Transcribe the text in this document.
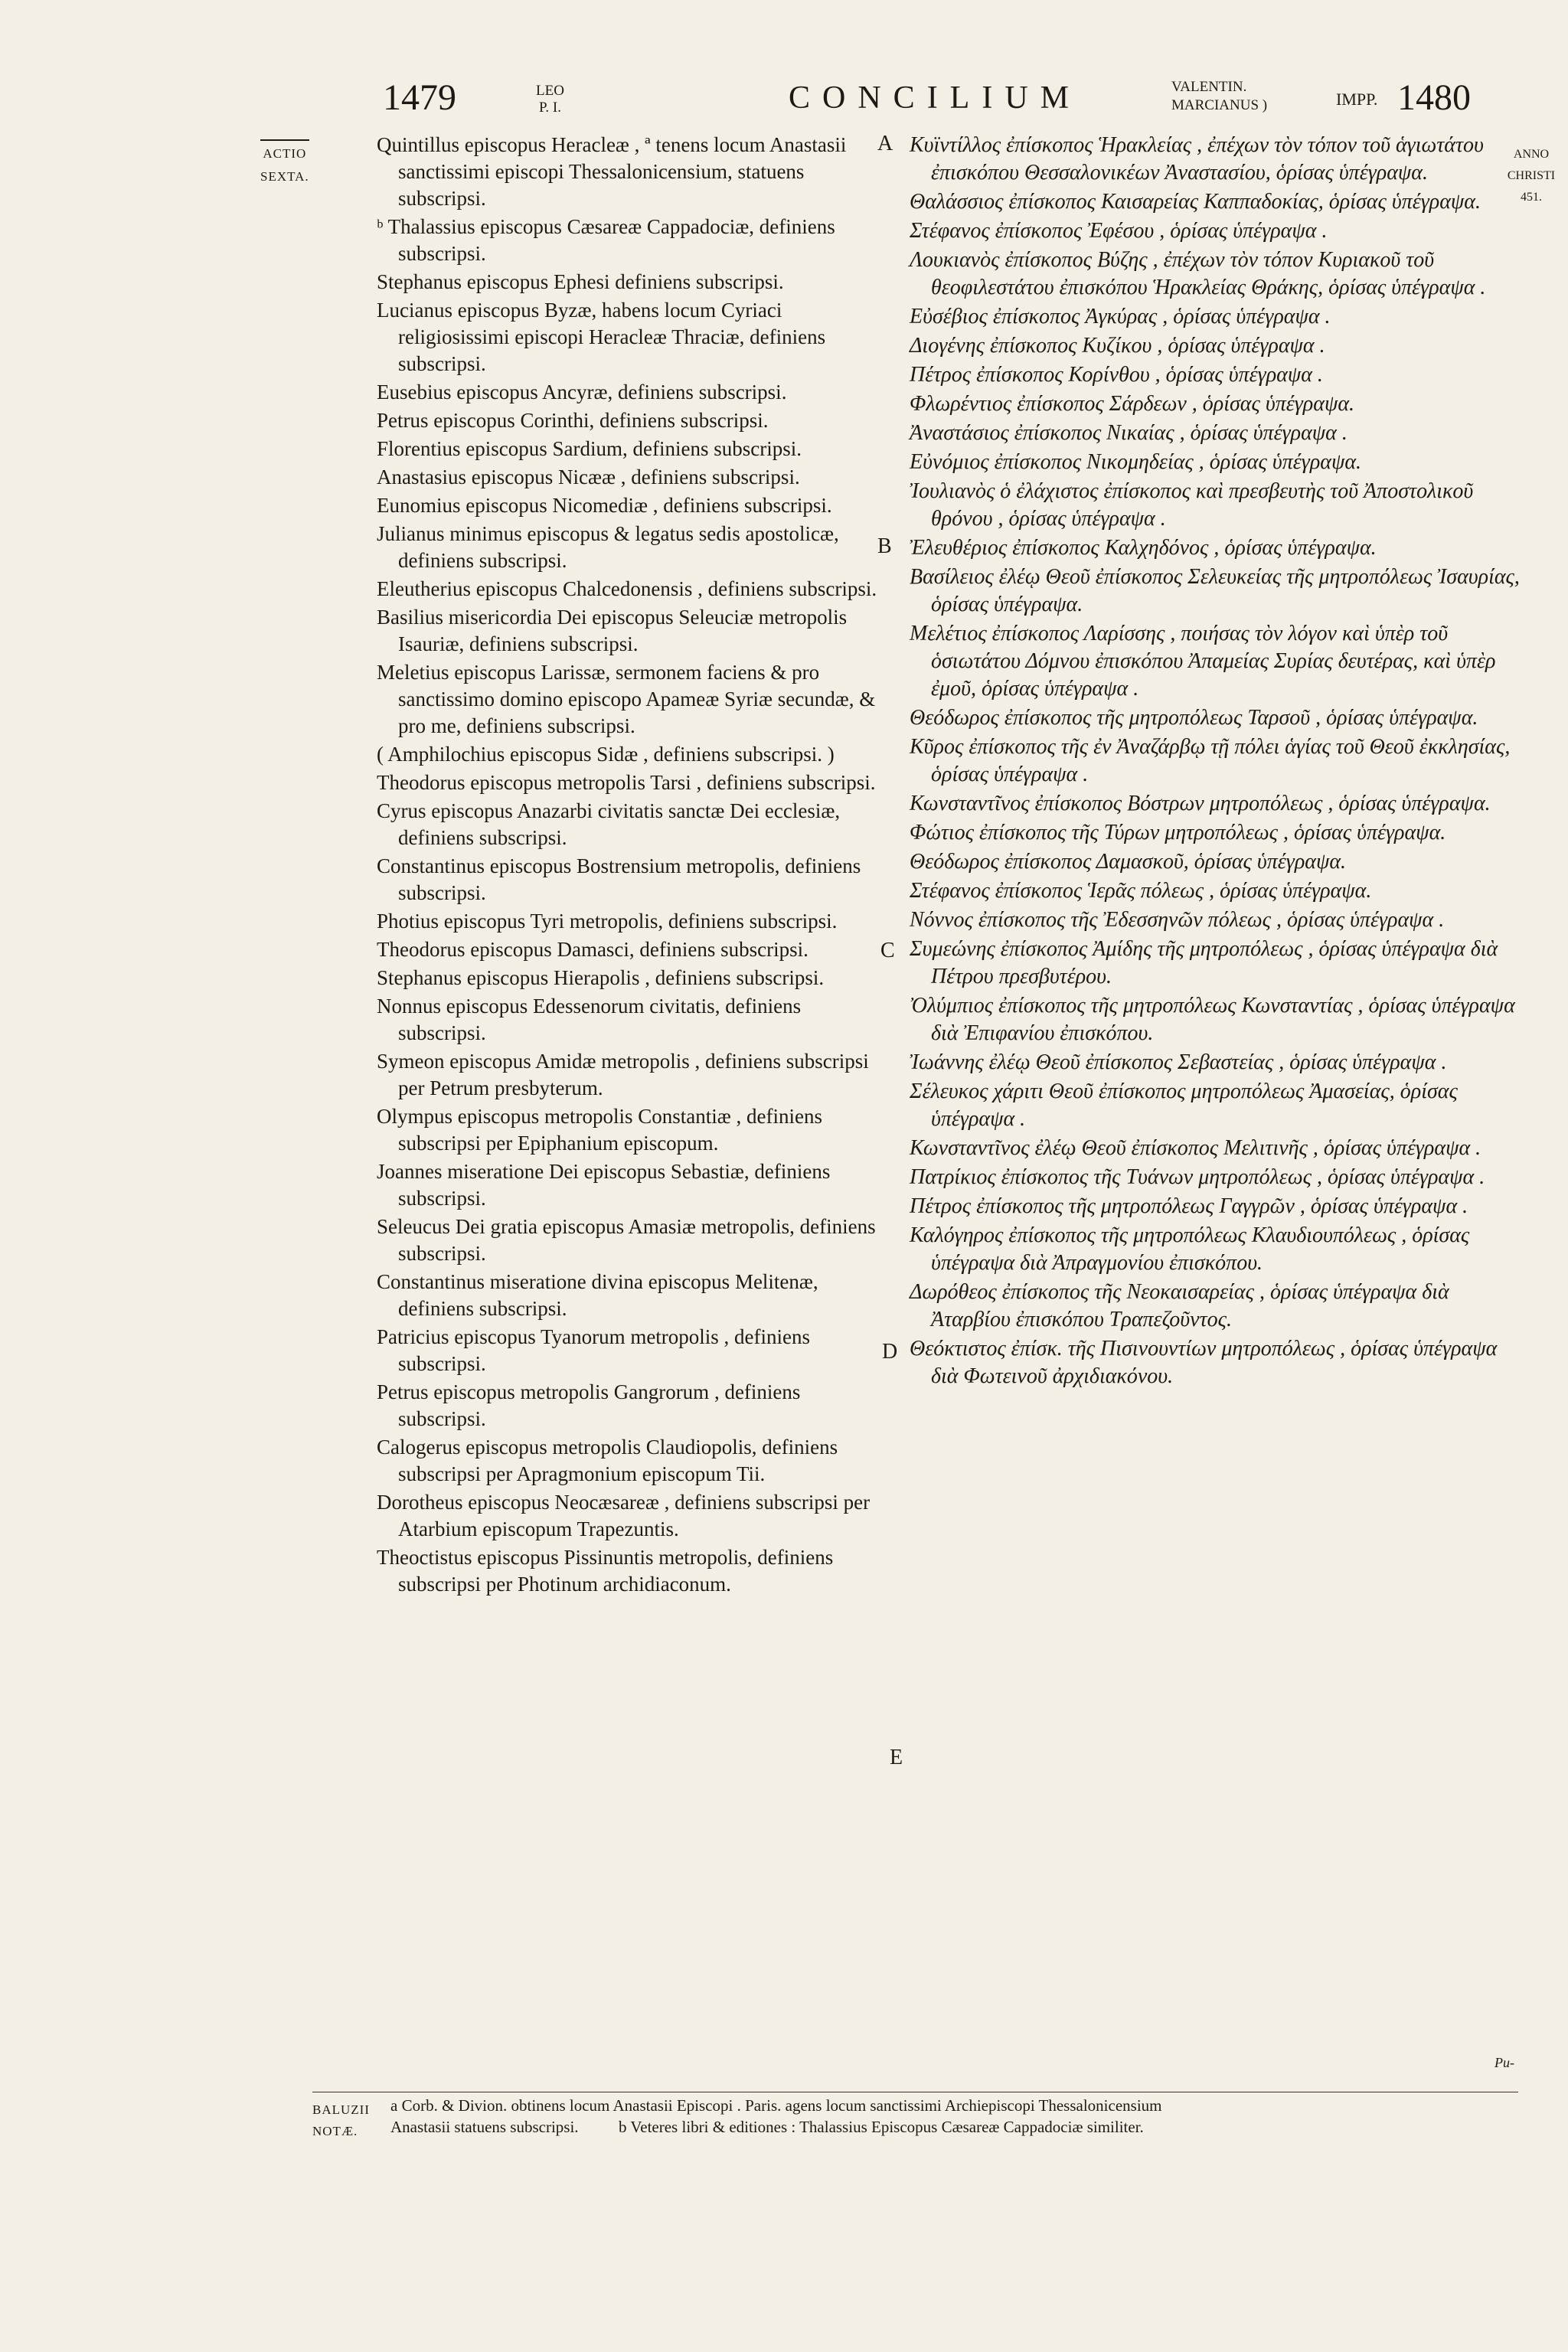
1479	LEO
P. I.	CONCILIUM	VALENTIN.
MARCIANUS )	IMPP. 1480
ANNO
CHRISTI
451.
ACTIO
SEXTA.
Quintillus episcopus Heracleæ , ª tenens locum Anastasii sanctissimi episcopi Thessalonicensium, statuens subscripsi.
ᵇ Thalassius episcopus Cæsareæ Cappadociæ, definiens subscripsi.
Stephanus episcopus Ephesi definiens subscripsi.
Lucianus episcopus Byzæ, habens locum Cyriaci religiosissimi episcopi Heracleæ Thraciæ, definiens subscripsi.
Eusebius episcopus Ancyræ, definiens subscripsi.
Petrus episcopus Corinthi, definiens subscripsi.
Florentius episcopus Sardium, definiens subscripsi.
Anastasius episcopus Nicææ , definiens subscripsi.
Eunomius episcopus Nicomediæ , definiens subscripsi.
Julianus minimus episcopus & legatus sedis apostolicæ, definiens subscripsi.
Eleutherius episcopus Chalcedonensis , definiens subscripsi.
Basilius misericordia Dei episcopus Seleuciæ metropolis Isauriæ, definiens subscripsi.
Meletius episcopus Larissæ, sermonem faciens & pro sanctissimo domino episcopo Apameæ Syriæ secundæ, & pro me, definiens subscripsi.
( Amphilochius episcopus Sidæ , definiens subscripsi. )
Theodorus episcopus metropolis Tarsi , definiens subscripsi.
Cyrus episcopus Anazarbi civitatis sanctæ Dei ecclesiæ, definiens subscripsi.
Constantinus episcopus Bostrensium metropolis, definiens subscripsi.
Photius episcopus Tyri metropolis, definiens subscripsi.
Theodorus episcopus Damasci, definiens subscripsi.
Stephanus episcopus Hierapolis , definiens subscripsi.
Nonnus episcopus Edessenorum civitatis, definiens subscripsi.
Symeon episcopus Amidæ metropolis , definiens subscripsi per Petrum presbyterum.
Olympus episcopus metropolis Constantiæ , definiens subscripsi per Epiphanium episcopum.
Joannes miseratione Dei episcopus Sebastiæ, definiens subscripsi.
Seleucus Dei gratia episcopus Amasiæ metropolis, definiens subscripsi.
Constantinus miseratione divina episcopus Melitenæ, definiens subscripsi.
Patricius episcopus Tyanorum metropolis , definiens subscripsi.
Petrus episcopus metropolis Gangrorum , definiens subscripsi.
Calogerus episcopus metropolis Claudiopolis, definiens subscripsi per Apragmonium episcopum Tii.
Dorotheus episcopus Neocæsareæ , definiens subscripsi per Atarbium episcopum Trapezuntis.
Theoctistus episcopus Pissinuntis metropolis, definiens subscripsi per Photinum archidiaconum.
A
B
C
D
E
Κυϊντίλλος ἐπίσκοπος Ἡρακλείας , ἐπέχων τὸν τόπον τοῦ ἁγιωτάτου ἐπισκόπου Θεσσαλονικέων Ἀναστασίου, ὁρίσας ὑπέγραψα.
Θαλάσσιος ἐπίσκοπος Καισαρείας Καππαδοκίας, ὁρίσας ὑπέγραψα.
Στέφανος ἐπίσκοπος Ἐφέσου , ὁρίσας ὑπέγραψα .
Λουκιανὸς ἐπίσκοπος Βύζης , ἐπέχων τὸν τόπον Κυριακοῦ τοῦ θεοφιλεστάτου ἐπισκόπου Ἡρακλείας Θράκης, ὁρίσας ὑπέγραψα .
Εὐσέβιος ἐπίσκοπος Ἀγκύρας , ὁρίσας ὑπέγραψα .
Διογένης ἐπίσκοπος Κυζίκου , ὁρίσας ὑπέγραψα .
Πέτρος ἐπίσκοπος Κορίνθου , ὁρίσας ὑπέγραψα .
Φλωρέντιος ἐπίσκοπος Σάρδεων , ὁρίσας ὑπέγραψα.
Ἀναστάσιος ἐπίσκοπος Νικαίας , ὁρίσας ὑπέγραψα .
Εὐνόμιος ἐπίσκοπος Νικομηδείας , ὁρίσας ὑπέγραψα.
Ἰουλιανὸς ὁ ἐλάχιστος ἐπίσκοπος καὶ πρεσβευτὴς τοῦ Ἀποστολικοῦ θρόνου , ὁρίσας ὑπέγραψα .
Ἐλευθέριος ἐπίσκοπος Καλχηδόνος , ὁρίσας ὑπέγραψα.
Βασίλειος ἐλέῳ Θεοῦ ἐπίσκοπος Σελευκείας τῆς μητροπόλεως Ἰσαυρίας, ὁρίσας ὑπέγραψα.
Μελέτιος ἐπίσκοπος Λαρίσσης , ποιήσας τὸν λόγον καὶ ὑπὲρ τοῦ ὁσιωτάτου Δόμνου ἐπισκόπου Ἀπαμείας Συρίας δευτέρας, καὶ ὑπὲρ ἐμοῦ, ὁρίσας ὑπέγραψα .
Θεόδωρος ἐπίσκοπος τῆς μητροπόλεως Ταρσοῦ , ὁρίσας ὑπέγραψα.
Κῦρος ἐπίσκοπος τῆς ἐν Ἀναζάρβῳ τῇ πόλει ἁγίας τοῦ Θεοῦ ἐκκλησίας, ὁρίσας ὑπέγραψα .
Κωνσταντῖνος ἐπίσκοπος Βόστρων μητροπόλεως , ὁρίσας ὑπέγραψα.
Φώτιος ἐπίσκοπος τῆς Τύρων μητροπόλεως , ὁρίσας ὑπέγραψα.
Θεόδωρος ἐπίσκοπος Δαμασκοῦ, ὁρίσας ὑπέγραψα.
Στέφανος ἐπίσκοπος Ἱερᾶς πόλεως , ὁρίσας ὑπέγραψα.
Νόννος ἐπίσκοπος τῆς Ἐδεσσηνῶν πόλεως , ὁρίσας ὑπέγραψα .
Συμεώνης ἐπίσκοπος Ἀμίδης τῆς μητροπόλεως , ὁρίσας ὑπέγραψα διὰ Πέτρου πρεσβυτέρου.
Ὀλύμπιος ἐπίσκοπος τῆς μητροπόλεως Κωνσταντίας , ὁρίσας ὑπέγραψα διὰ Ἐπιφανίου ἐπισκόπου.
Ἰωάννης ἐλέῳ Θεοῦ ἐπίσκοπος Σεβαστείας , ὁρίσας ὑπέγραψα .
Σέλευκος χάριτι Θεοῦ ἐπίσκοπος μητροπόλεως Ἀμασείας, ὁρίσας ὑπέγραψα .
Κωνσταντῖνος ἐλέῳ Θεοῦ ἐπίσκοπος Μελιτινῆς , ὁρίσας ὑπέγραψα .
Πατρίκιος ἐπίσκοπος τῆς Τυάνων μητροπόλεως , ὁρίσας ὑπέγραψα .
Πέτρος ἐπίσκοπος τῆς μητροπόλεως Γαγγρῶν , ὁρίσας ὑπέγραψα .
Καλόγηρος ἐπίσκοπος τῆς μητροπόλεως Κλαυδιουπόλεως , ὁρίσας ὑπέγραψα διὰ Ἀπραγμονίου ἐπισκόπου.
Δωρόθεος ἐπίσκοπος τῆς Νεοκαισαρείας , ὁρίσας ὑπέγραψα διὰ Ἀταρβίου ἐπισκόπου Τραπεζοῦντος.
Θεόκτιστος ἐπίσκ. τῆς Πισινουντίων μητροπόλεως , ὁρίσας ὑπέγραψα διὰ Φωτεινοῦ ἀρχιδιακόνου.
Pu-
BALUZII
NOTÆ.
a Corb. & Divion. obtinens locum Anastasii Episcopi . Paris. agens locum sanctissimi Archiepiscopi Thessalonicensium
Anastasii statuens subscripsi.          b Veteres libri & editiones : Thalassius Episcopus Cæsareæ Cappadociæ similiter.
